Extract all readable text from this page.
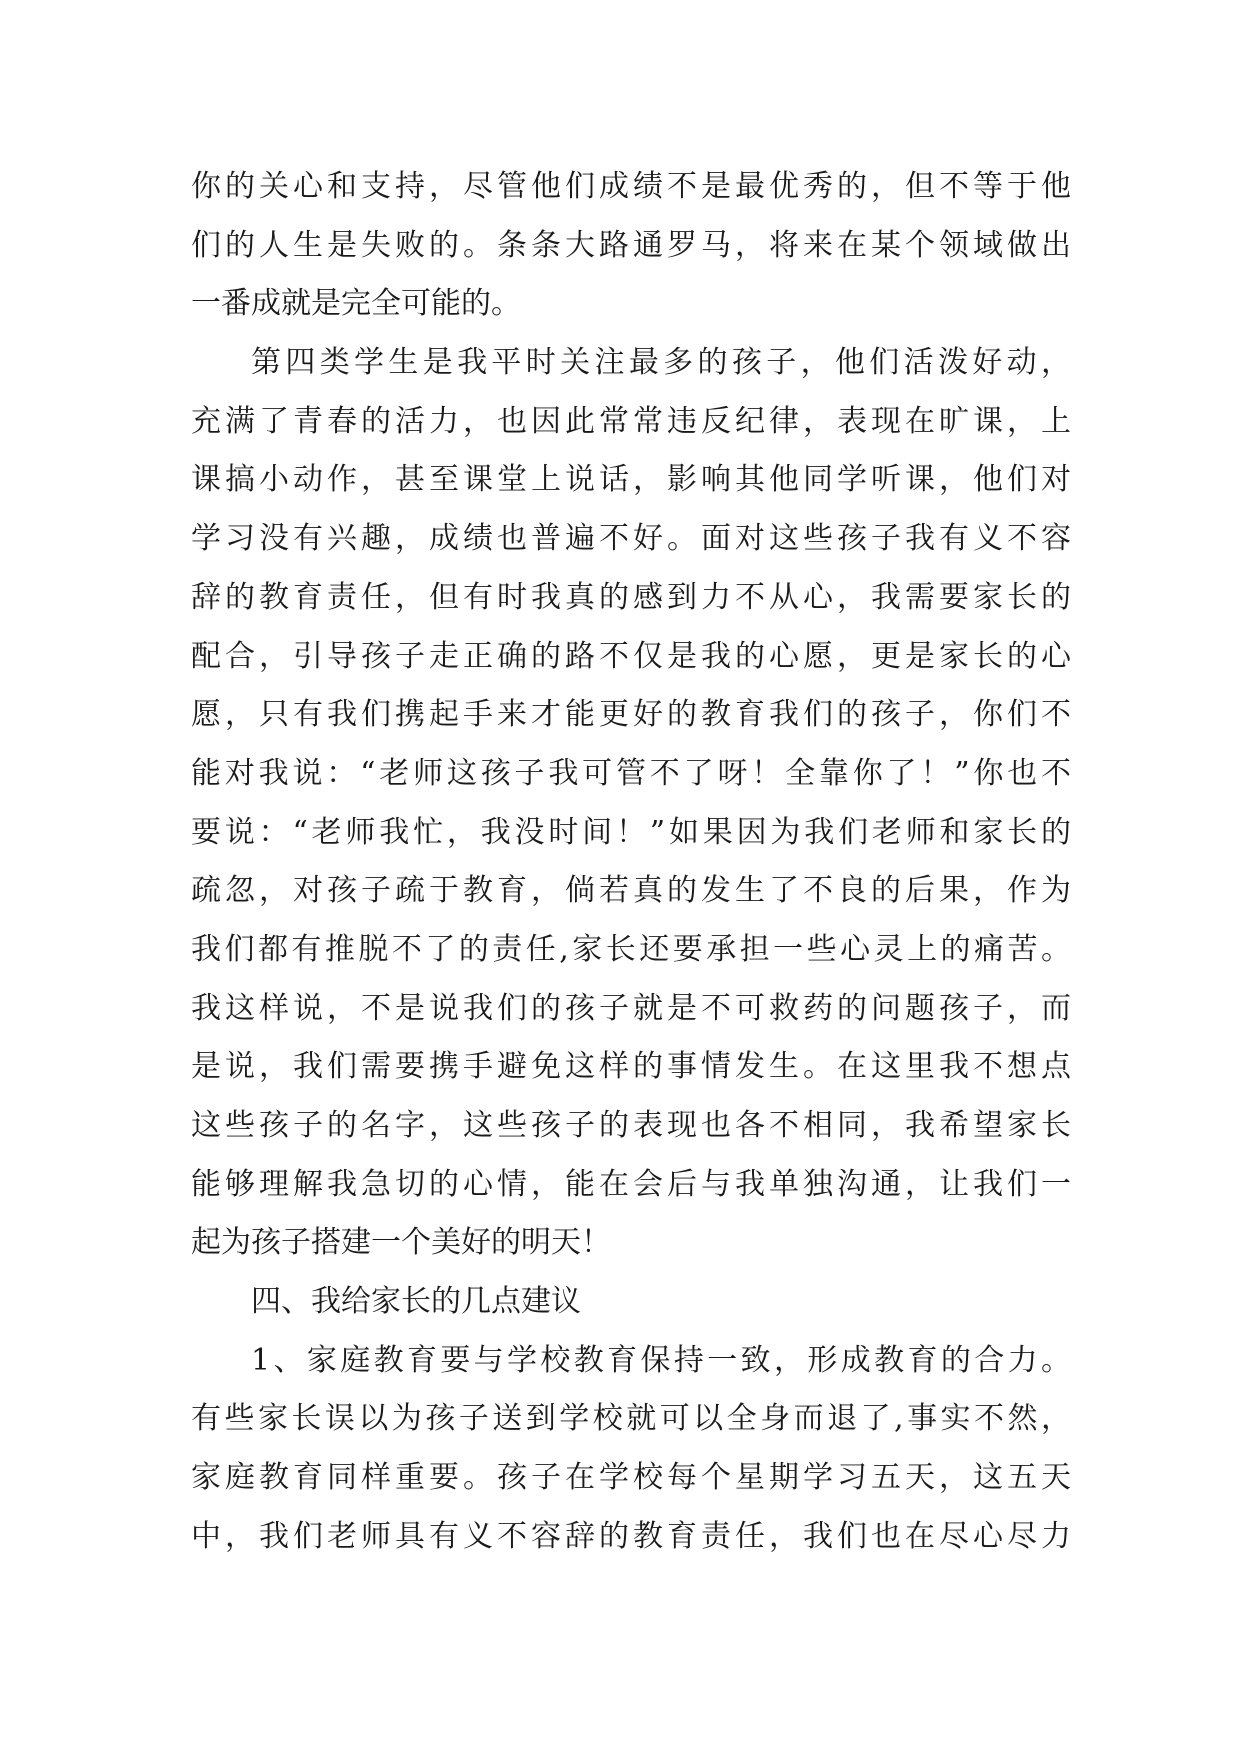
你的关心和支持，尽管他们成绩不是最优秀的，但不等于他
们的人生是失败的。条条大路通罗马，将来在某个领域做出
一番成就是完全可能的。
第四类学生是我平时关注最多的孩子，他们活泼好动，
充满了青春的活力，也因此常常违反纪律，表现在旷课，上
课搞小动作，甚至课堂上说话，影响其他同学听课，他们对
学习没有兴趣，成绩也普遍不好。面对这些孩子我有义不容
辞的教育责任，但有时我真的感到力不从心，我需要家长的
配合，引导孩子走正确的路不仅是我的心愿，更是家长的心
愿，只有我们携起手来才能更好的教育我们的孩子，你们不
能对我说：“老师这孩子我可管不了呀！全靠你了！”你也不
要说：“老师我忙，我没时间！”如果因为我们老师和家长的
疏忽，对孩子疏于教育，倘若真的发生了不良的后果，作为
我们都有推脱不了的责任,家长还要承担一些心灵上的痛苦。
我这样说，不是说我们的孩子就是不可救药的问题孩子，而
是说，我们需要携手避免这样的事情发生。在这里我不想点
这些孩子的名字，这些孩子的表现也各不相同，我希望家长
能够理解我急切的心情，能在会后与我单独沟通，让我们一
起为孩子搭建一个美好的明天！
四、我给家长的几点建议
1、家庭教育要与学校教育保持一致，形成教育的合力。
有些家长误以为孩子送到学校就可以全身而退了,事实不然，
家庭教育同样重要。孩子在学校每个星期学习五天，这五天
中，我们老师具有义不容辞的教育责任，我们也在尽心尽力
